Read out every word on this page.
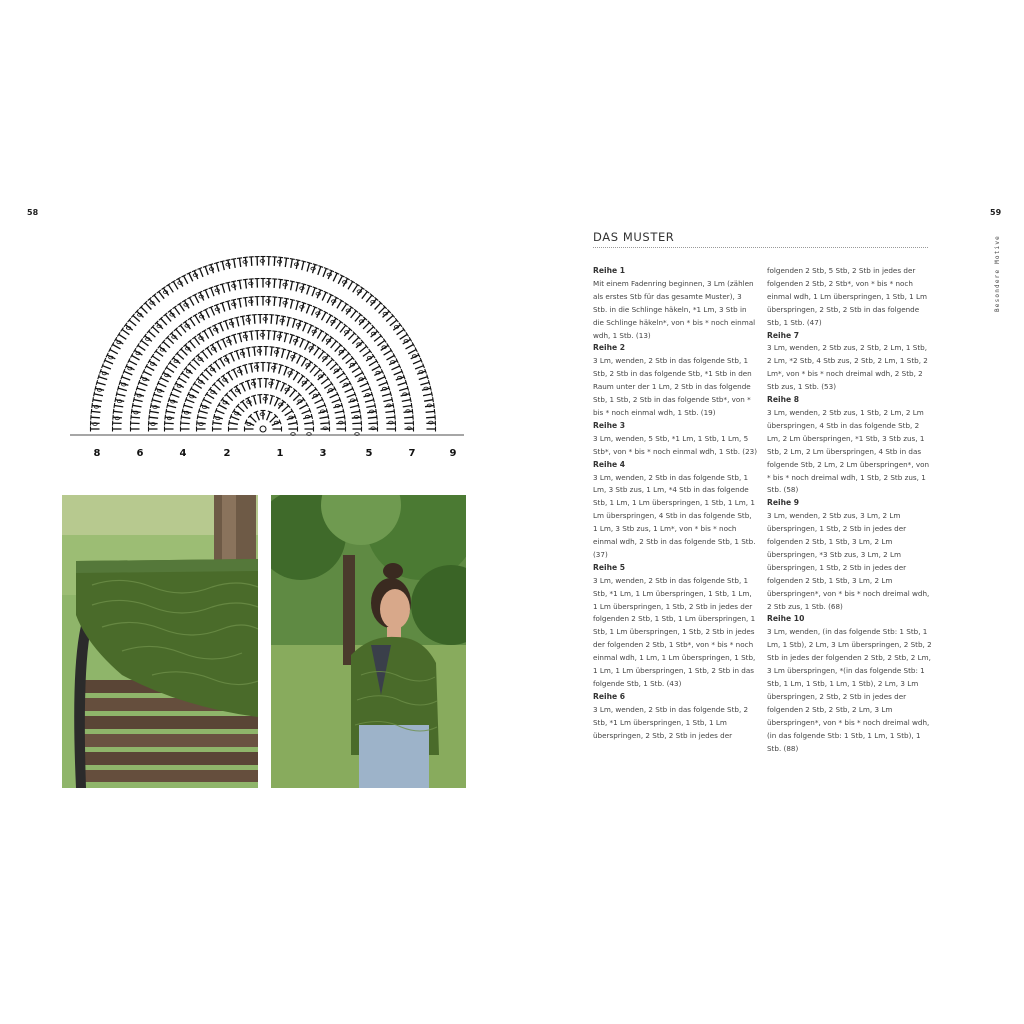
58	59
Besondere Motive
8	6	4	2	1	3	5	7	9
DAS MUSTER
Reihe 1

Mit einem Fadenring beginnen, 3 Lm (zählen als erstes Stb für das gesamte Muster), 3 Stb. in die Schlinge häkeln, *1 Lm, 3 Stb in die Schlinge häkeln*, von * bis * noch einmal wdh, 1 Stb. (13)

Reihe 2

3 Lm, wenden, 2 Stb in das folgende Stb, 1 Stb, 2 Stb in das folgende Stb, *1 Stb in den Raum unter der 1 Lm, 2 Stb in das folgende Stb, 1 Stb, 2 Stb in das folgende Stb*, von * bis * noch einmal wdh, 1 Stb. (19)

Reihe 3

3 Lm, wenden, 5 Stb, *1 Lm, 1 Stb, 1 Lm, 5 Stb*, von * bis * noch einmal wdh, 1 Stb. (23)

Reihe 4

3 Lm, wenden, 2 Stb in das folgende Stb, 1 Lm, 3 Stb zus, 1 Lm, *4 Stb in das folgende Stb, 1 Lm, 1 Lm überspringen, 1 Stb, 1 Lm, 1 Lm überspringen, 4 Stb in das folgende Stb, 1 Lm, 3 Stb zus, 1 Lm*, von * bis * noch einmal wdh, 2 Stb in das folgende Stb, 1 Stb. (37)

Reihe 5

3 Lm, wenden, 2 Stb in das folgende Stb, 1 Stb, *1 Lm, 1 Lm überspringen, 1 Stb, 1 Lm, 1 Lm überspringen, 1 Stb, 2 Stb in jedes der folgenden 2 Stb, 1 Stb, 1 Lm überspringen, 1 Stb, 1 Lm überspringen, 1 Stb, 2 Stb in jedes der folgenden 2 Stb, 1 Stb*, von * bis * noch einmal wdh, 1 Lm, 1 Lm überspringen, 1 Stb, 1 Lm, 1 Lm überspringen, 1 Stb, 2 Stb in das folgende Stb, 1 Stb. (43)

Reihe 6

3 Lm, wenden, 2 Stb in das folgende Stb, 2 Stb, *1 Lm überspringen, 1 Stb, 1 Lm überspringen, 2 Stb, 2 Stb in jedes der

folgenden 2 Stb, 5 Stb, 2 Stb in jedes der folgenden 2 Stb, 2 Stb*, von * bis * noch einmal wdh, 1 Lm überspringen, 1 Stb, 1 Lm überspringen, 2 Stb, 2 Stb in das folgende Stb, 1 Stb. (47)

Reihe 7

3 Lm, wenden, 2 Stb zus, 2 Stb, 2 Lm, 1 Stb, 2 Lm, *2 Stb, 4 Stb zus, 2 Stb, 2 Lm, 1 Stb, 2 Lm*, von * bis * noch dreimal wdh, 2 Stb, 2 Stb zus, 1 Stb. (53)

Reihe 8

3 Lm, wenden, 2 Stb zus, 1 Stb, 2 Lm, 2 Lm überspringen, 4 Stb in das folgende Stb, 2 Lm, 2 Lm überspringen, *1 Stb, 3 Stb zus, 1 Stb, 2 Lm, 2 Lm überspringen, 4 Stb in das folgende Stb, 2 Lm, 2 Lm überspringen*, von * bis * noch dreimal wdh, 1 Stb, 2 Stb zus, 1 Stb. (58)

Reihe 9

3 Lm, wenden, 2 Stb zus, 3 Lm, 2 Lm überspringen, 1 Stb, 2 Stb in jedes der folgenden 2 Stb, 1 Stb, 3 Lm, 2 Lm überspringen, *3 Stb zus, 3 Lm, 2 Lm überspringen, 1 Stb, 2 Stb in jedes der folgenden 2 Stb, 1 Stb, 3 Lm, 2 Lm überspringen*, von * bis * noch dreimal wdh, 2 Stb zus, 1 Stb. (68)

Reihe 10

3 Lm, wenden, (in das folgende Stb: 1 Stb, 1 Lm, 1 Stb), 2 Lm, 3 Lm überspringen, 2 Stb, 2 Stb in jedes der folgenden 2 Stb, 2 Stb, 2 Lm, 3 Lm überspringen, *(in das folgende Stb: 1 Stb, 1 Lm, 1 Stb, 1 Lm, 1 Stb), 2 Lm, 3 Lm überspringen, 2 Stb, 2 Stb in jedes der folgenden 2 Stb, 2 Stb, 2 Lm, 3 Lm überspringen*, von * bis * noch dreimal wdh, (in das folgende Stb: 1 Stb, 1 Lm, 1 Stb), 1 Stb. (88)
